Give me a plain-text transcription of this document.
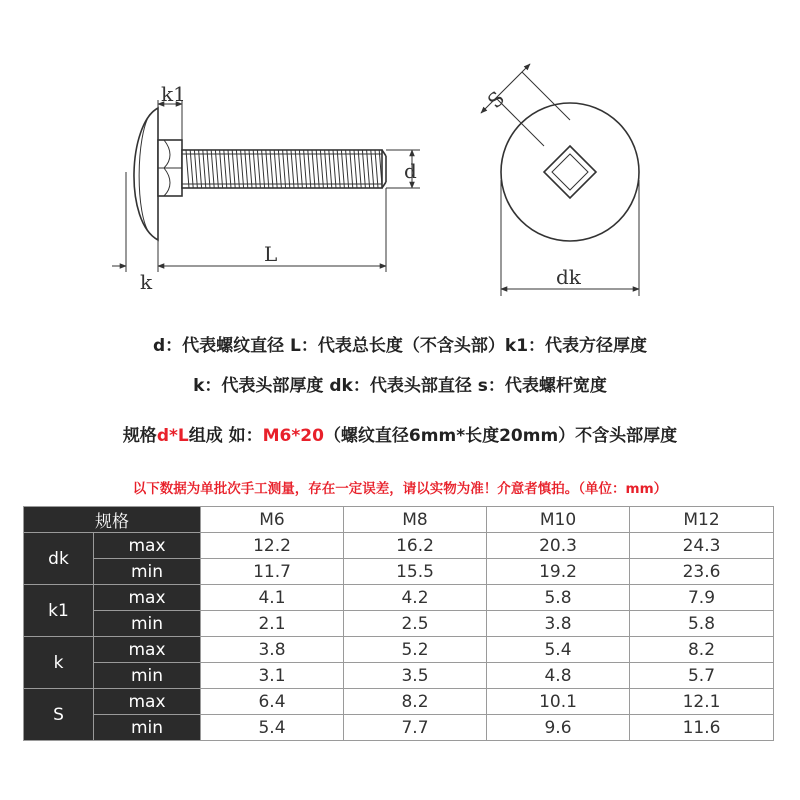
k1
d
L
k
S
dk
d：代表螺纹直径 L：代表总长度（不含头部）k1：代表方径厚度
k：代表头部厚度 dk：代表头部直径 s：代表螺杆宽度
规格d*L组成 如：M6*20（螺纹直径6mm*长度20mm）不含头部厚度
以下数据为单批次手工测量，存在一定误差，请以实物为准！介意者慎拍。（单位：mm）
规格		M6	M8	M10	M12
dk	max	12.2	16.2	20.3	24.3
	min	11.7	15.5	19.2	23.6
k1	max	4.1	4.2	5.8	7.9
	min	2.1	2.5	3.8	5.8
k	max	3.8	5.2	5.4	8.2
	min	3.1	3.5	4.8	5.7
S	max	6.4	8.2	10.1	12.1
	min	5.4	7.7	9.6	11.6
